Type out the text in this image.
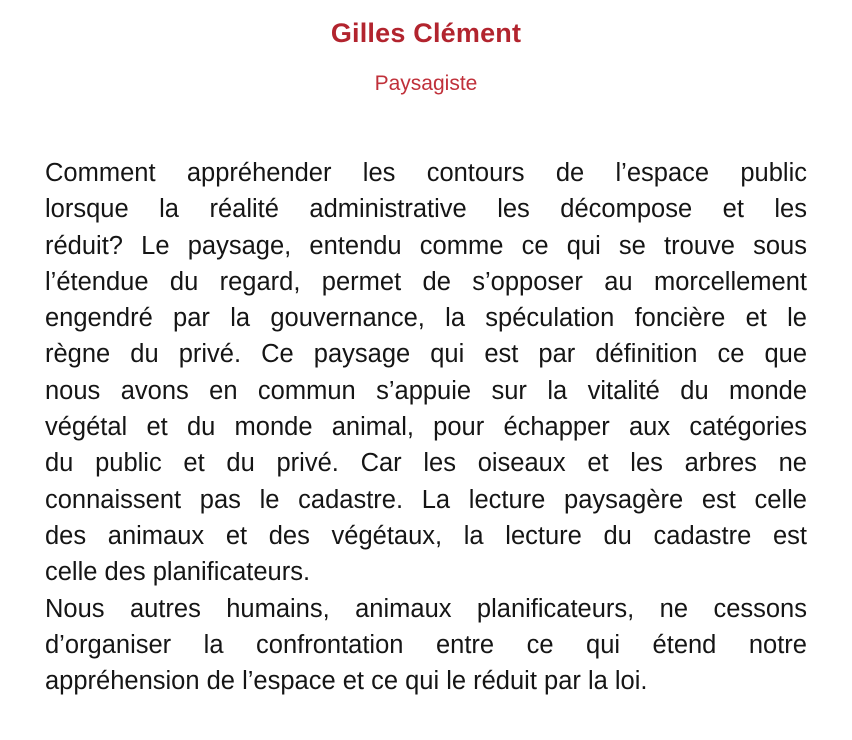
Gilles Clément
Paysagiste
Comment appréhender les contours de l’espace public
lorsque la réalité administrative les décompose et les
réduit? Le paysage, entendu comme ce qui se trouve sous
l’étendue du regard, permet de s’opposer au morcellement
engendré par la gouvernance, la spéculation foncière et le
règne du privé. Ce paysage qui est par définition ce que
nous avons en commun s’appuie sur la vitalité du monde
végétal et du monde animal, pour échapper aux catégories
du public et du privé. Car les oiseaux et les arbres ne
connaissent pas le cadastre. La lecture paysagère est celle
des animaux et des végétaux, la lecture du cadastre est
celle des planificateurs.
Nous autres humains, animaux planificateurs, ne cessons
d’organiser la confrontation entre ce qui étend notre
appréhension de l’espace et ce qui le réduit par la loi.
